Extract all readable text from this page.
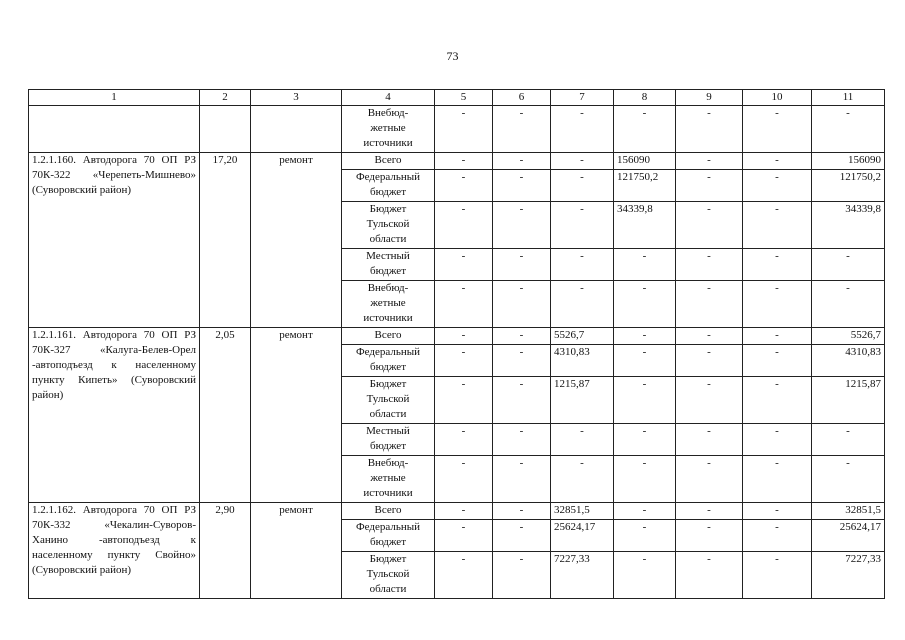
73
1	2	3	4	5	6	7	8	9	10	11
			Внебюд-
жетные
источники	-	-	-	-	-	-	-
1.2.1.160. Автодорога 70 ОП РЗ 70К-322 «Черепеть-Мишнево» (Суворовский район)	17,20	ремонт	Всего	-	-	-	156090	-	-	156090
			Федеральный
бюджет	-	-	-	121750,2	-	-	121750,2
			Бюджет
Тульской
области	-	-	-	34339,8	-	-	34339,8
			Местный
бюджет	-	-	-	-	-	-	-
			Внебюд-
жетные
источники	-	-	-	-	-	-	-
1.2.1.161. Автодорога 70 ОП РЗ 70К-327 «Калуга-Белев-Орел -автоподъезд к населенному пункту Кипеть» (Суворовский район)	2,05	ремонт	Всего	-	-	5526,7	-	-	-	5526,7
			Федеральный
бюджет	-	-	4310,83	-	-	-	4310,83
			Бюджет
Тульской
области	-	-	1215,87	-	-	-	1215,87
			Местный
бюджет	-	-	-	-	-	-	-
			Внебюд-
жетные
источники	-	-	-	-	-	-	-
1.2.1.162. Автодорога 70 ОП РЗ 70К-332 «Чекалин-Суворов-Ханино -автоподъезд к населенному пункту Свойно» (Суворовский район)	2,90	ремонт	Всего	-	-	32851,5	-	-	-	32851,5
			Федеральный
бюджет	-	-	25624,17	-	-	-	25624,17
			Бюджет
Тульской
области	-	-	7227,33	-	-	-	7227,33
